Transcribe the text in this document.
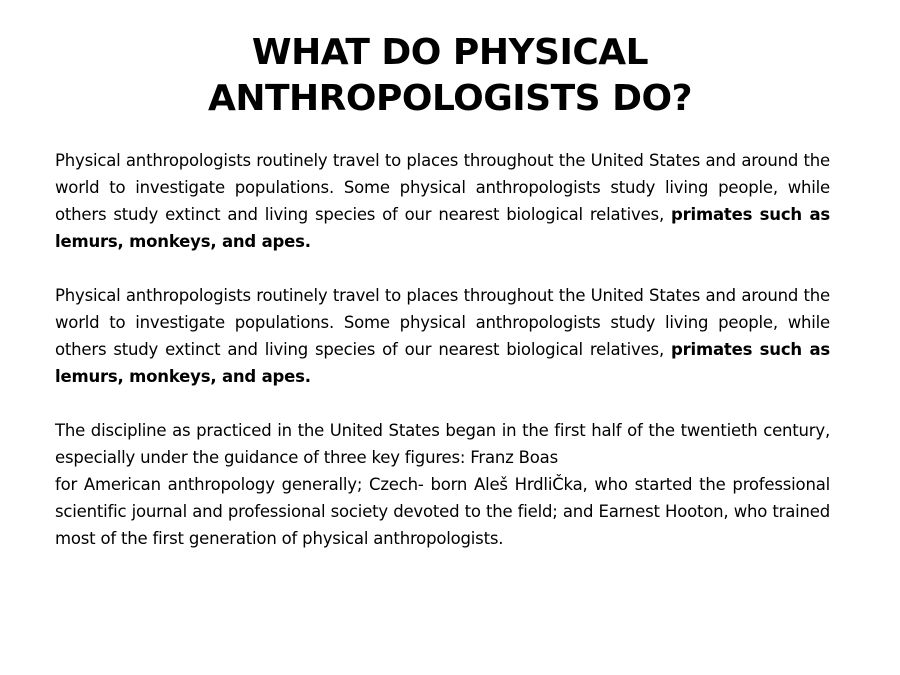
WHAT DO PHYSICAL
ANTHROPOLOGISTS DO?

Physical anthropologists routinely travel to places throughout the United States and around the world to investigate populations. Some physical anthropologists study living people, while others study extinct and living species of our nearest biological relatives, primates such as lemurs, monkeys, and apes.

Physical anthropologists routinely travel to places throughout the United States and around the world to investigate populations. Some physical anthropologists study living people, while others study extinct and living species of our nearest biological relatives, primates such as lemurs, monkeys, and apes.

The discipline as practiced in the United States began in the first half of the twentieth century, especially under the guidance of three key figures: Franz Boas
for American anthropology generally; Czech- born Aleš HrdliČka, who started the professional scientific journal and professional society devoted to the field; and Earnest Hooton, who trained most of the first generation of physical anthropologists.
